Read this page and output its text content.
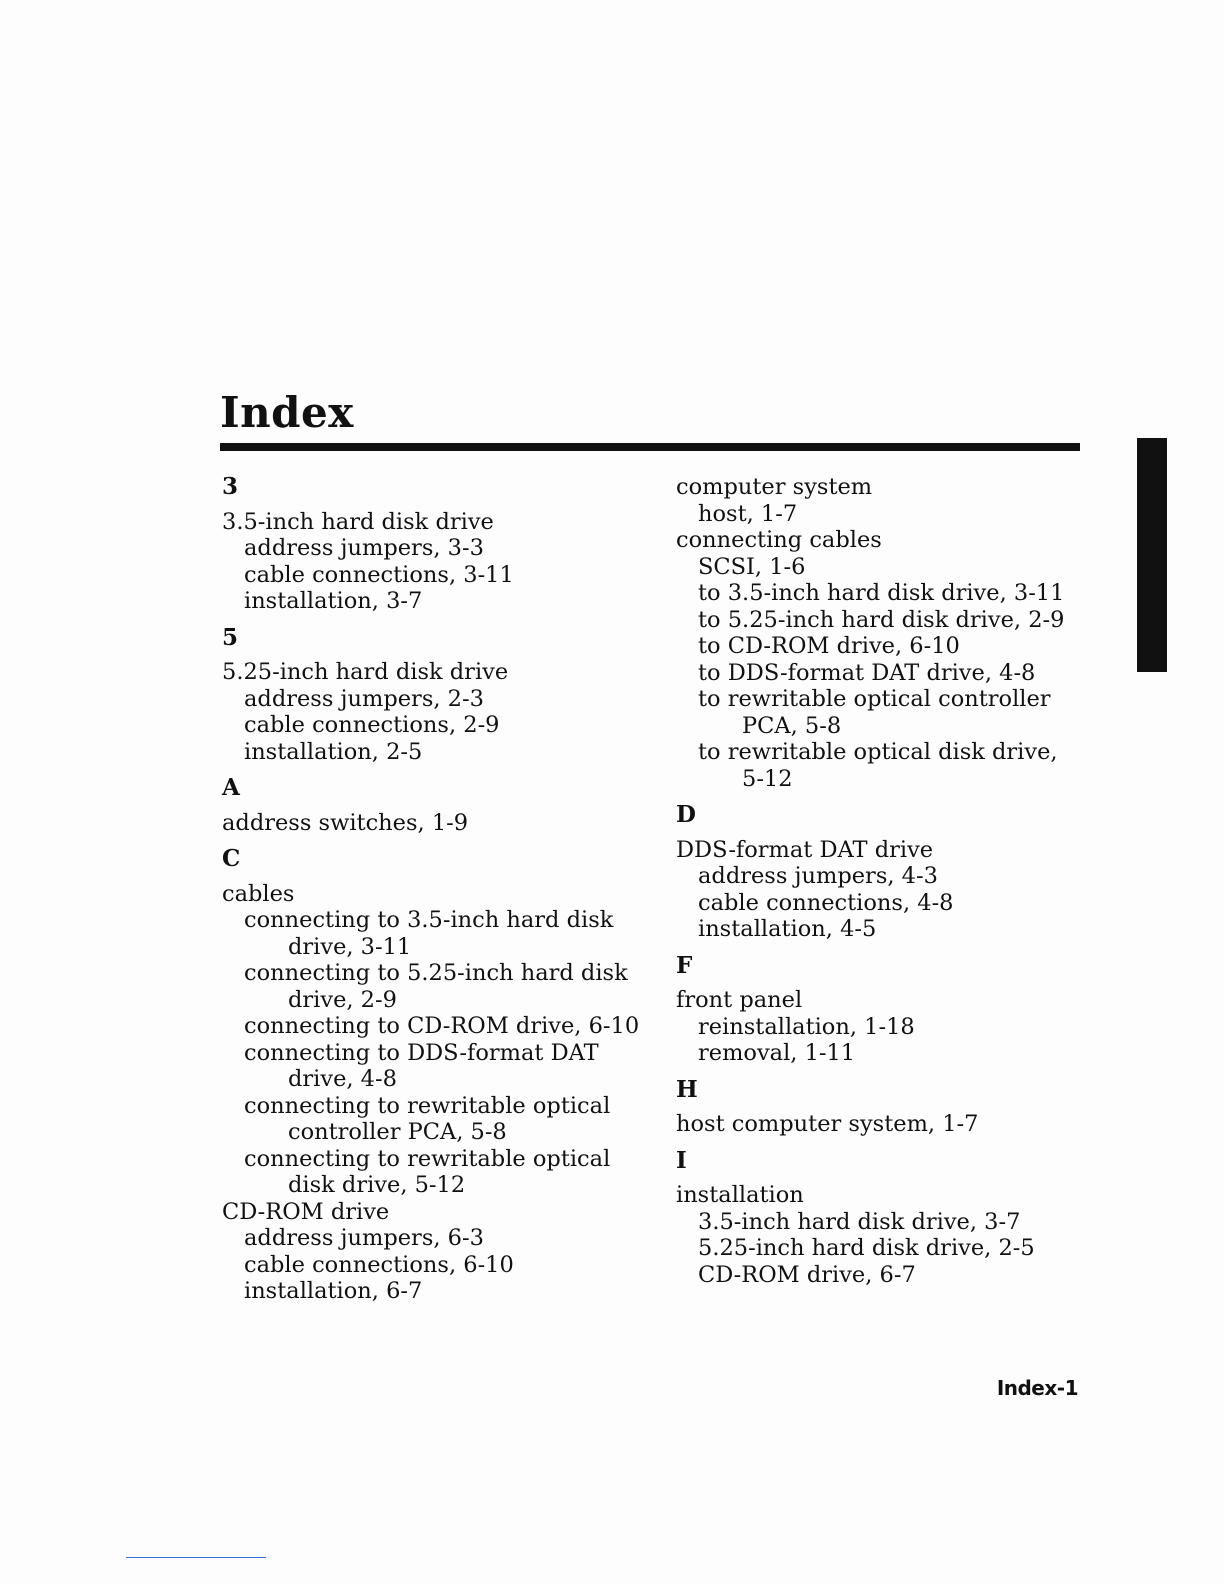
Index
3
3.5-inch hard disk drive
address jumpers, 3-3
cable connections, 3-11
installation, 3-7
5
5.25-inch hard disk drive
address jumpers, 2-3
cable connections, 2-9
installation, 2-5
A
address switches, 1-9
C
cables
connecting to 3.5-inch hard disk
drive, 3-11
connecting to 5.25-inch hard disk
drive, 2-9
connecting to CD-ROM drive, 6-10
connecting to DDS-format DAT
drive, 4-8
connecting to rewritable optical
controller PCA, 5-8
connecting to rewritable optical
disk drive, 5-12
CD-ROM drive
address jumpers, 6-3
cable connections, 6-10
installation, 6-7
computer system
host, 1-7
connecting cables
SCSI, 1-6
to 3.5-inch hard disk drive, 3-11
to 5.25-inch hard disk drive, 2-9
to CD-ROM drive, 6-10
to DDS-format DAT drive, 4-8
to rewritable optical controller
PCA, 5-8
to rewritable optical disk drive,
5-12
D
DDS-format DAT drive
address jumpers, 4-3
cable connections, 4-8
installation, 4-5
F
front panel
reinstallation, 1-18
removal, 1-11
H
host computer system, 1-7
I
installation
3.5-inch hard disk drive, 3-7
5.25-inch hard disk drive, 2-5
CD-ROM drive, 6-7
Index-1
